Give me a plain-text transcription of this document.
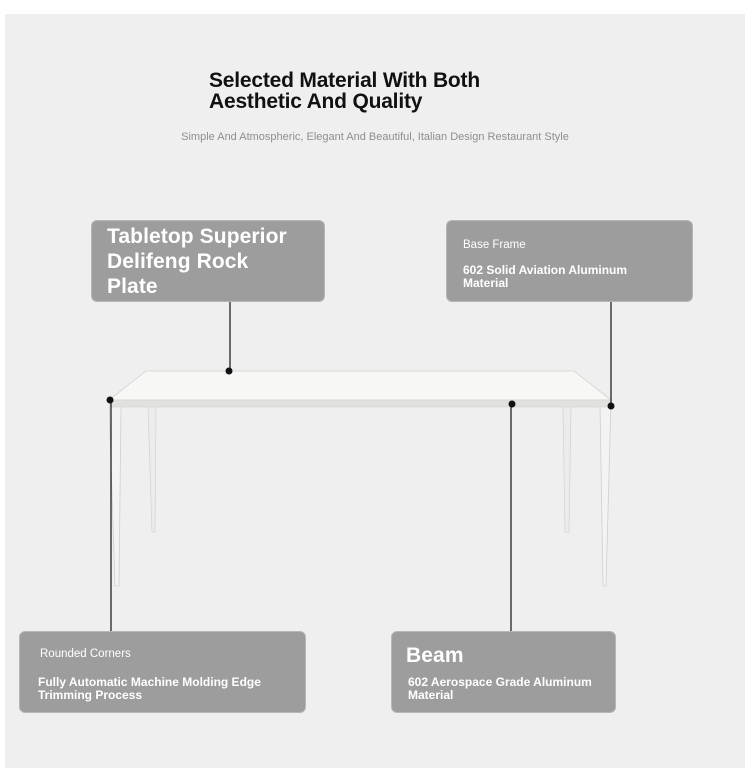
Selected Material With Both
Aesthetic And Quality
Simple And Atmospheric, Elegant And Beautiful, Italian Design Restaurant Style
Tabletop Superior
Delifeng Rock
Plate
Base Frame
602 Solid Aviation Aluminum
Material
Rounded Corners
Fully Automatic Machine Molding Edge
Trimming Process
Beam
602 Aerospace Grade Aluminum
Material
